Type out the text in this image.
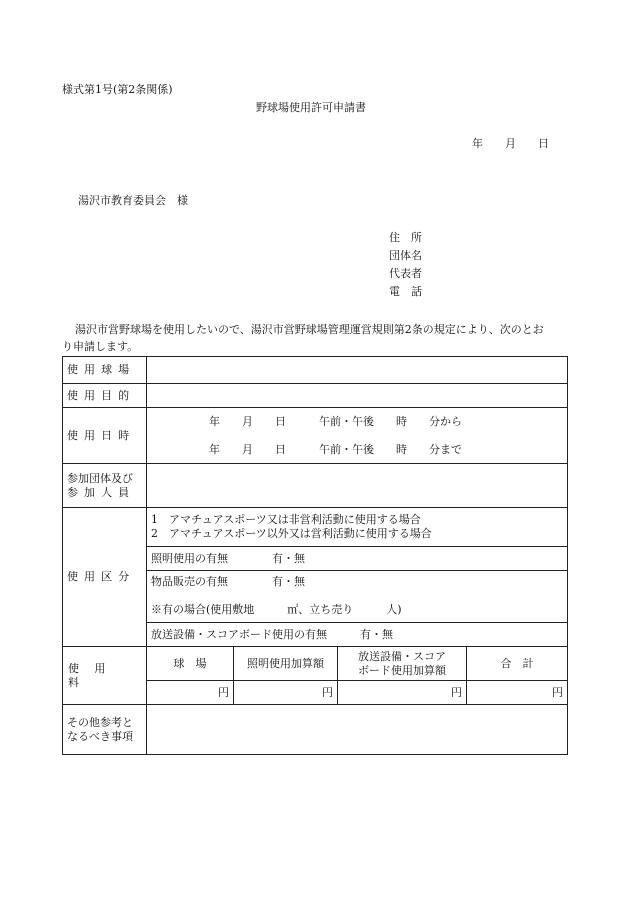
様式第1号(第2条関係)
野球場使用許可申請書
年　　月　　日
湯沢市教育委員会　様
住　所
団体名
代表者
電　話
湯沢市営野球場を使用したいので、湯沢市営野球場管理運営規則第2条の規定により、次のとお
り申請します。
使用球場				
使用目的				
使用日時	年　　月　　日　　　午前・午後　　時　　分から
年　　月　　日　　　午前・午後　　時　　分まで			

参加団体及び
参加人員				

使用区分	1　アマチュアスポーツ又は非営利活動に使用する場合
2　アマチュアスポーツ以外又は営利活動に使用する場合			

	照明使用の有無　　　　有・無			

	物品販売の有無　　　　有・無
※有の場合(使用敷地　　　㎡、立ち売り　　　人)			

	放送設備・スコアボード使用の有無　　　有・無			
使用料	球　場	照明使用加算額	放送設備・スコア
ボード使用加算額	合　計
	円	円	円	円

その他参考と
なるべき事項				
